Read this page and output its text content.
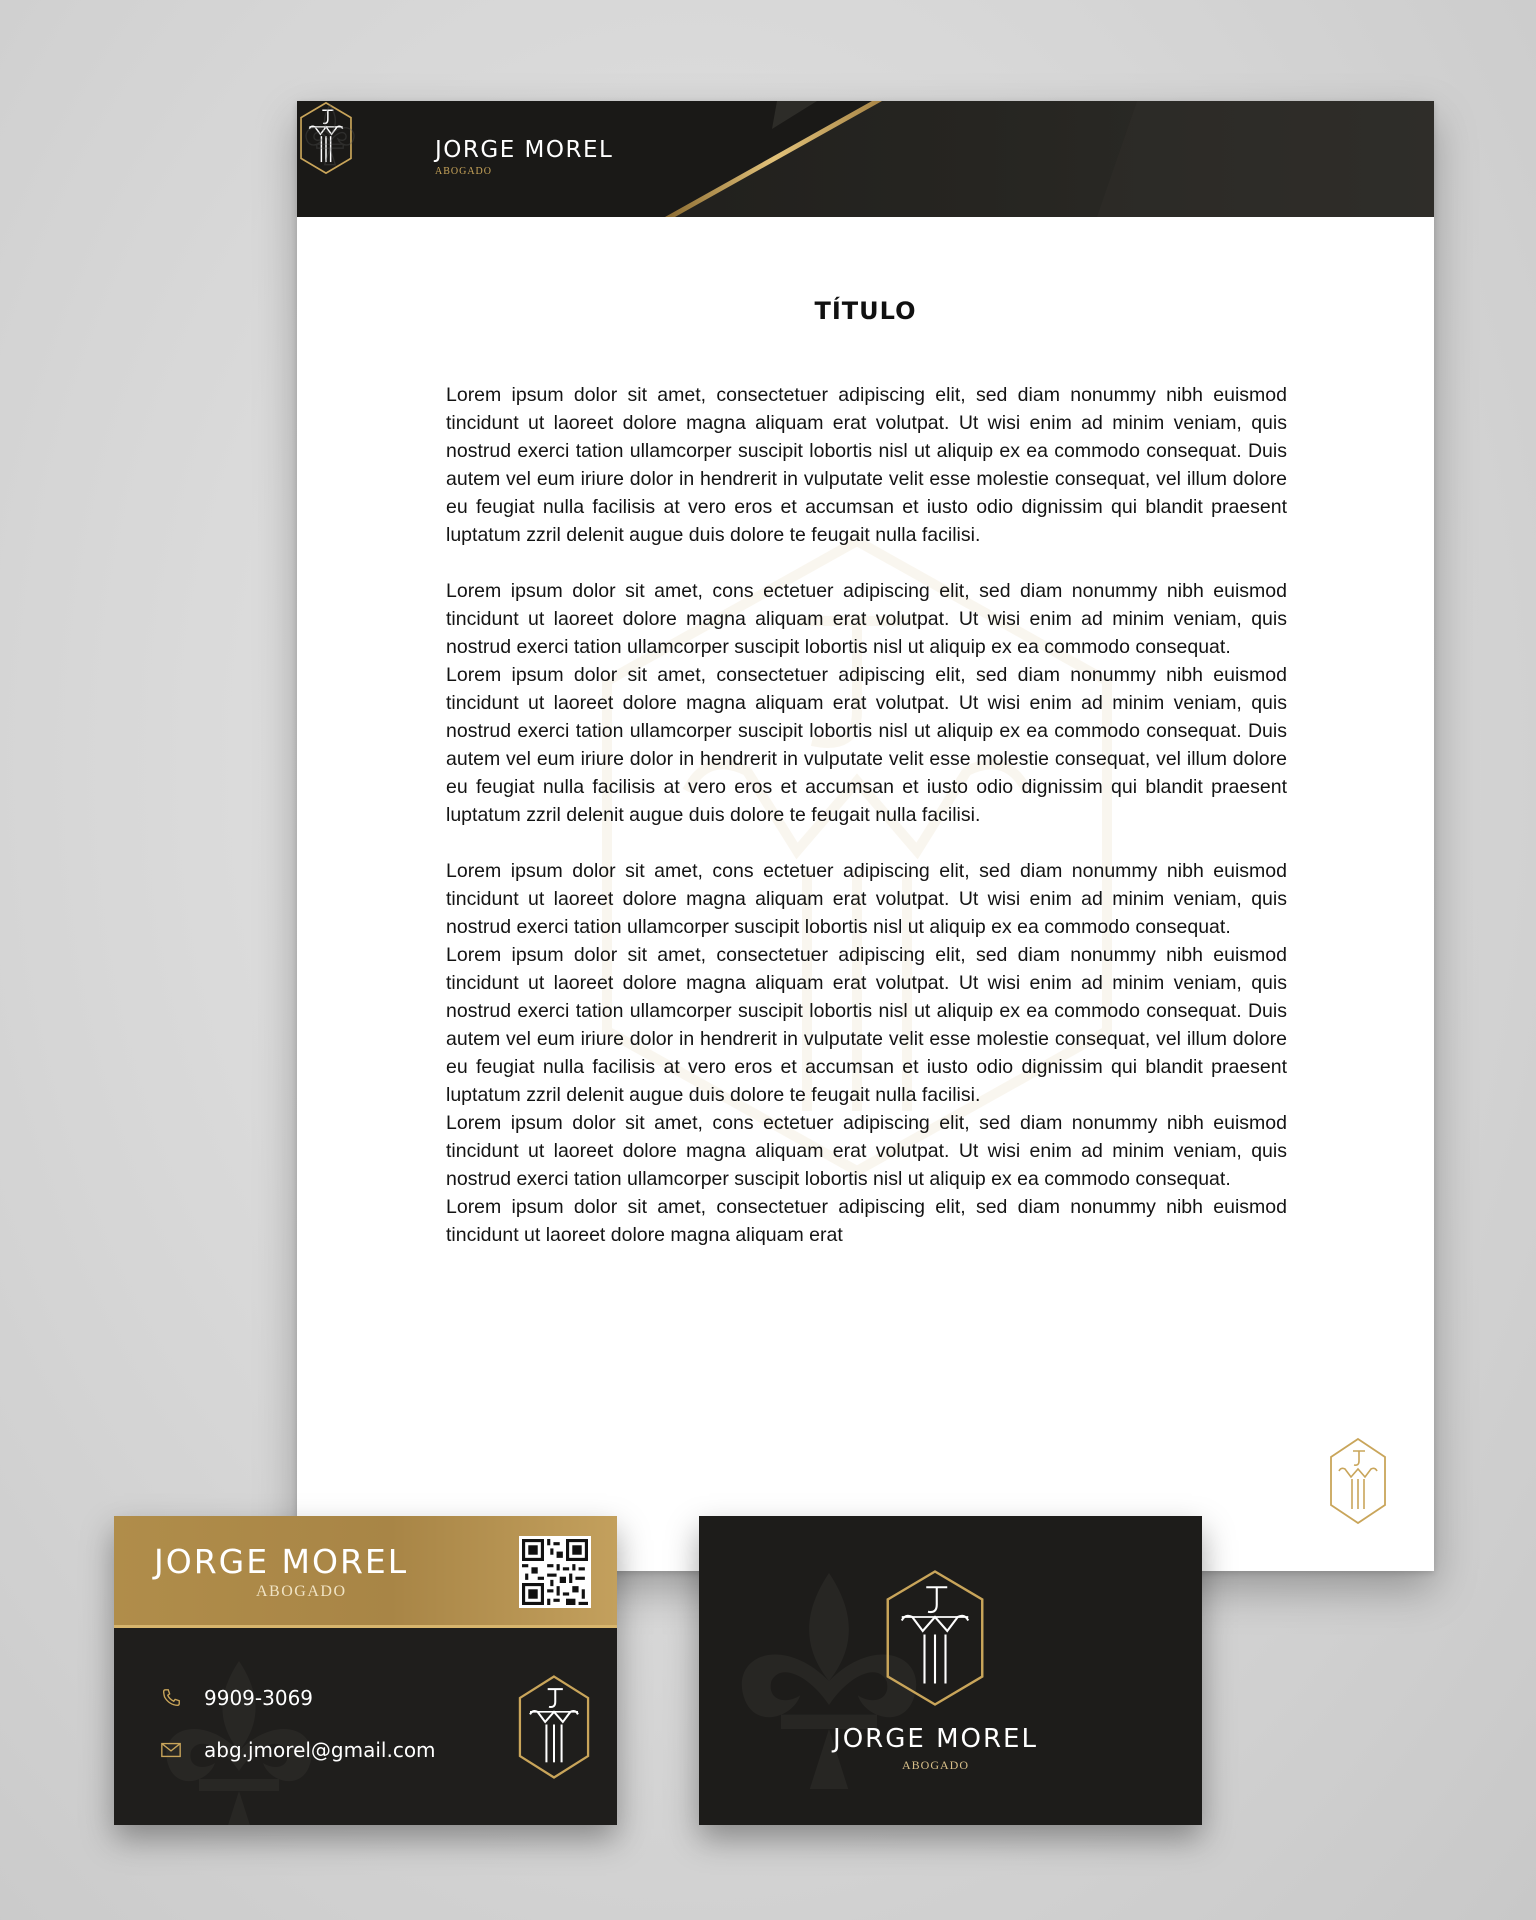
JORGE MOREL
ABOGADO
TÍTULO

Lorem ipsum dolor sit amet, consectetuer adipiscing elit, sed diam nonummy nibh euismod tincidunt ut laoreet dolore magna aliquam erat volutpat. Ut wisi enim ad minim veniam, quis nostrud exerci tation ullamcorper suscipit lobortis nisl ut aliquip ex ea commodo consequat. Duis autem vel eum iriure dolor in hendrerit in vulputate velit esse molestie consequat, vel illum dolore eu feugiat nulla facilisis at vero eros et accumsan et iusto odio dignissim qui blandit praesent luptatum zzril delenit augue duis dolore te feugait nulla facilisi.

Lorem ipsum dolor sit amet, cons ectetuer adipiscing elit, sed diam nonummy nibh euismod tincidunt ut laoreet dolore magna aliquam erat volutpat. Ut wisi enim ad minim veniam, quis nostrud exerci tation ullamcorper suscipit lobortis nisl ut aliquip ex ea commodo consequat.

Lorem ipsum dolor sit amet, consectetuer adipiscing elit, sed diam nonummy nibh euismod tincidunt ut laoreet dolore magna aliquam erat volutpat. Ut wisi enim ad minim veniam, quis nostrud exerci tation ullamcorper suscipit lobortis nisl ut aliquip ex ea commodo consequat. Duis autem vel eum iriure dolor in hendrerit in vulputate velit esse molestie consequat, vel illum dolore eu feugiat nulla facilisis at vero eros et accumsan et iusto odio dignissim qui blandit praesent luptatum zzril delenit augue duis dolore te feugait nulla facilisi.

Lorem ipsum dolor sit amet, cons ectetuer adipiscing elit, sed diam nonummy nibh euismod tincidunt ut laoreet dolore magna aliquam erat volutpat. Ut wisi enim ad minim veniam, quis nostrud exerci tation ullamcorper suscipit lobortis nisl ut aliquip ex ea commodo consequat.

Lorem ipsum dolor sit amet, consectetuer adipiscing elit, sed diam nonummy nibh euismod tincidunt ut laoreet dolore magna aliquam erat volutpat. Ut wisi enim ad minim veniam, quis nostrud exerci tation ullamcorper suscipit lobortis nisl ut aliquip ex ea commodo consequat. Duis autem vel eum iriure dolor in hendrerit in vulputate velit esse molestie consequat, vel illum dolore eu feugiat nulla facilisis at vero eros et accumsan et iusto odio dignissim qui blandit praesent luptatum zzril delenit augue duis dolore te feugait nulla facilisi.

Lorem ipsum dolor sit amet, cons ectetuer adipiscing elit, sed diam nonummy nibh euismod tincidunt ut laoreet dolore magna aliquam erat volutpat. Ut wisi enim ad minim veniam, quis nostrud exerci tation ullamcorper suscipit lobortis nisl ut aliquip ex ea commodo consequat.

Lorem ipsum dolor sit amet, consectetuer adipiscing elit, sed diam nonummy nibh euismod tincidunt ut laoreet dolore magna aliquam erat

JORGE MOREL
ABOGADO
9909-3069
abg.jmorel@gmail.com	JORGE MOREL
ABOGADO
